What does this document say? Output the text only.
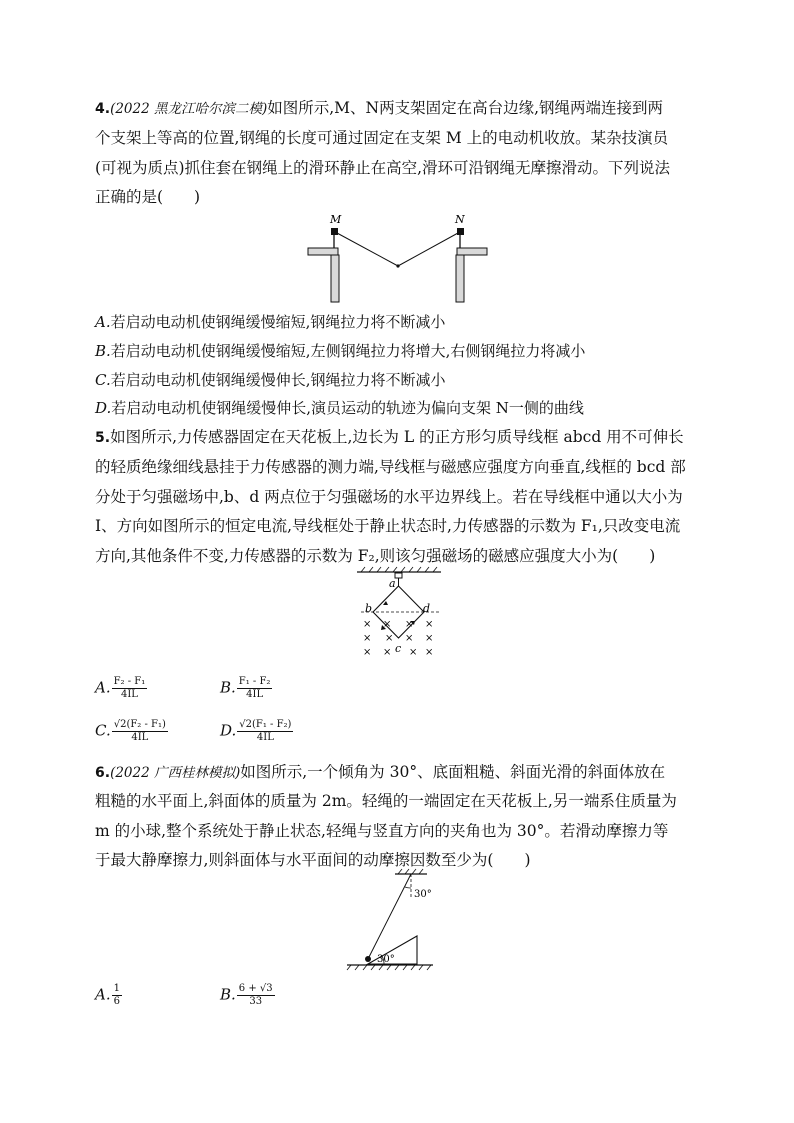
4.(2022 黑龙江哈尔滨二模)如图所示,M、N两支架固定在高台边缘,钢绳两端连接到两
个支架上等高的位置,钢绳的长度可通过固定在支架 M 上的电动机收放。某杂技演员
(可视为质点)抓住套在钢绳上的滑环静止在高空,滑环可沿钢绳无摩擦滑动。下列说法
正确的是(　　)
M	N
A.若启动电动机使钢绳缓慢缩短,钢绳拉力将不断减小
B.若启动电动机使钢绳缓慢缩短,左侧钢绳拉力将增大,右侧钢绳拉力将减小
C.若启动电动机使钢绳缓慢伸长,钢绳拉力将不断减小
D.若启动电动机使钢绳缓慢伸长,演员运动的轨迹为偏向支架 N一侧的曲线
5.如图所示,力传感器固定在天花板上,边长为 L 的正方形匀质导线框 abcd 用不可伸长
的轻质绝缘细线悬挂于力传感器的测力端,导线框与磁感应强度方向垂直,线框的 bcd 部
分处于匀强磁场中,b、d 两点位于匀强磁场的水平边界线上。若在导线框中通以大小为
I、方向如图所示的恒定电流,导线框处于静止状态时,力传感器的示数为 F₁,只改变电流
方向,其他条件不变,力传感器的示数为 F₂,则该匀强磁场的磁感应强度大小为(　　)
× × × ×
× × × ×
× × × ×
a
b
c
d
A. $\frac{\text{F₂ - F₁}}{4IL}$	B. $\frac{\text{F₁ - F₂}}{4IL}$
C. $\frac{\text{√2(F₂ - F₁)}}{4IL}$	D. $\frac{\text{√2(F₁ - F₂)}}{4IL}$
6.(2022 广西桂林模拟)如图所示,一个倾角为 30°、底面粗糙、斜面光滑的斜面体放在
粗糙的水平面上,斜面体的质量为 2m。轻绳的一端固定在天花板上,另一端系住质量为
m 的小球,整个系统处于静止状态,轻绳与竖直方向的夹角也为 30°。若滑动摩擦力等
于最大静摩擦力,则斜面体与水平面间的动摩擦因数至少为(　　)
30°
30°
A. $\frac{1}{6}$	B. $\frac{6 + √3}{33}$
